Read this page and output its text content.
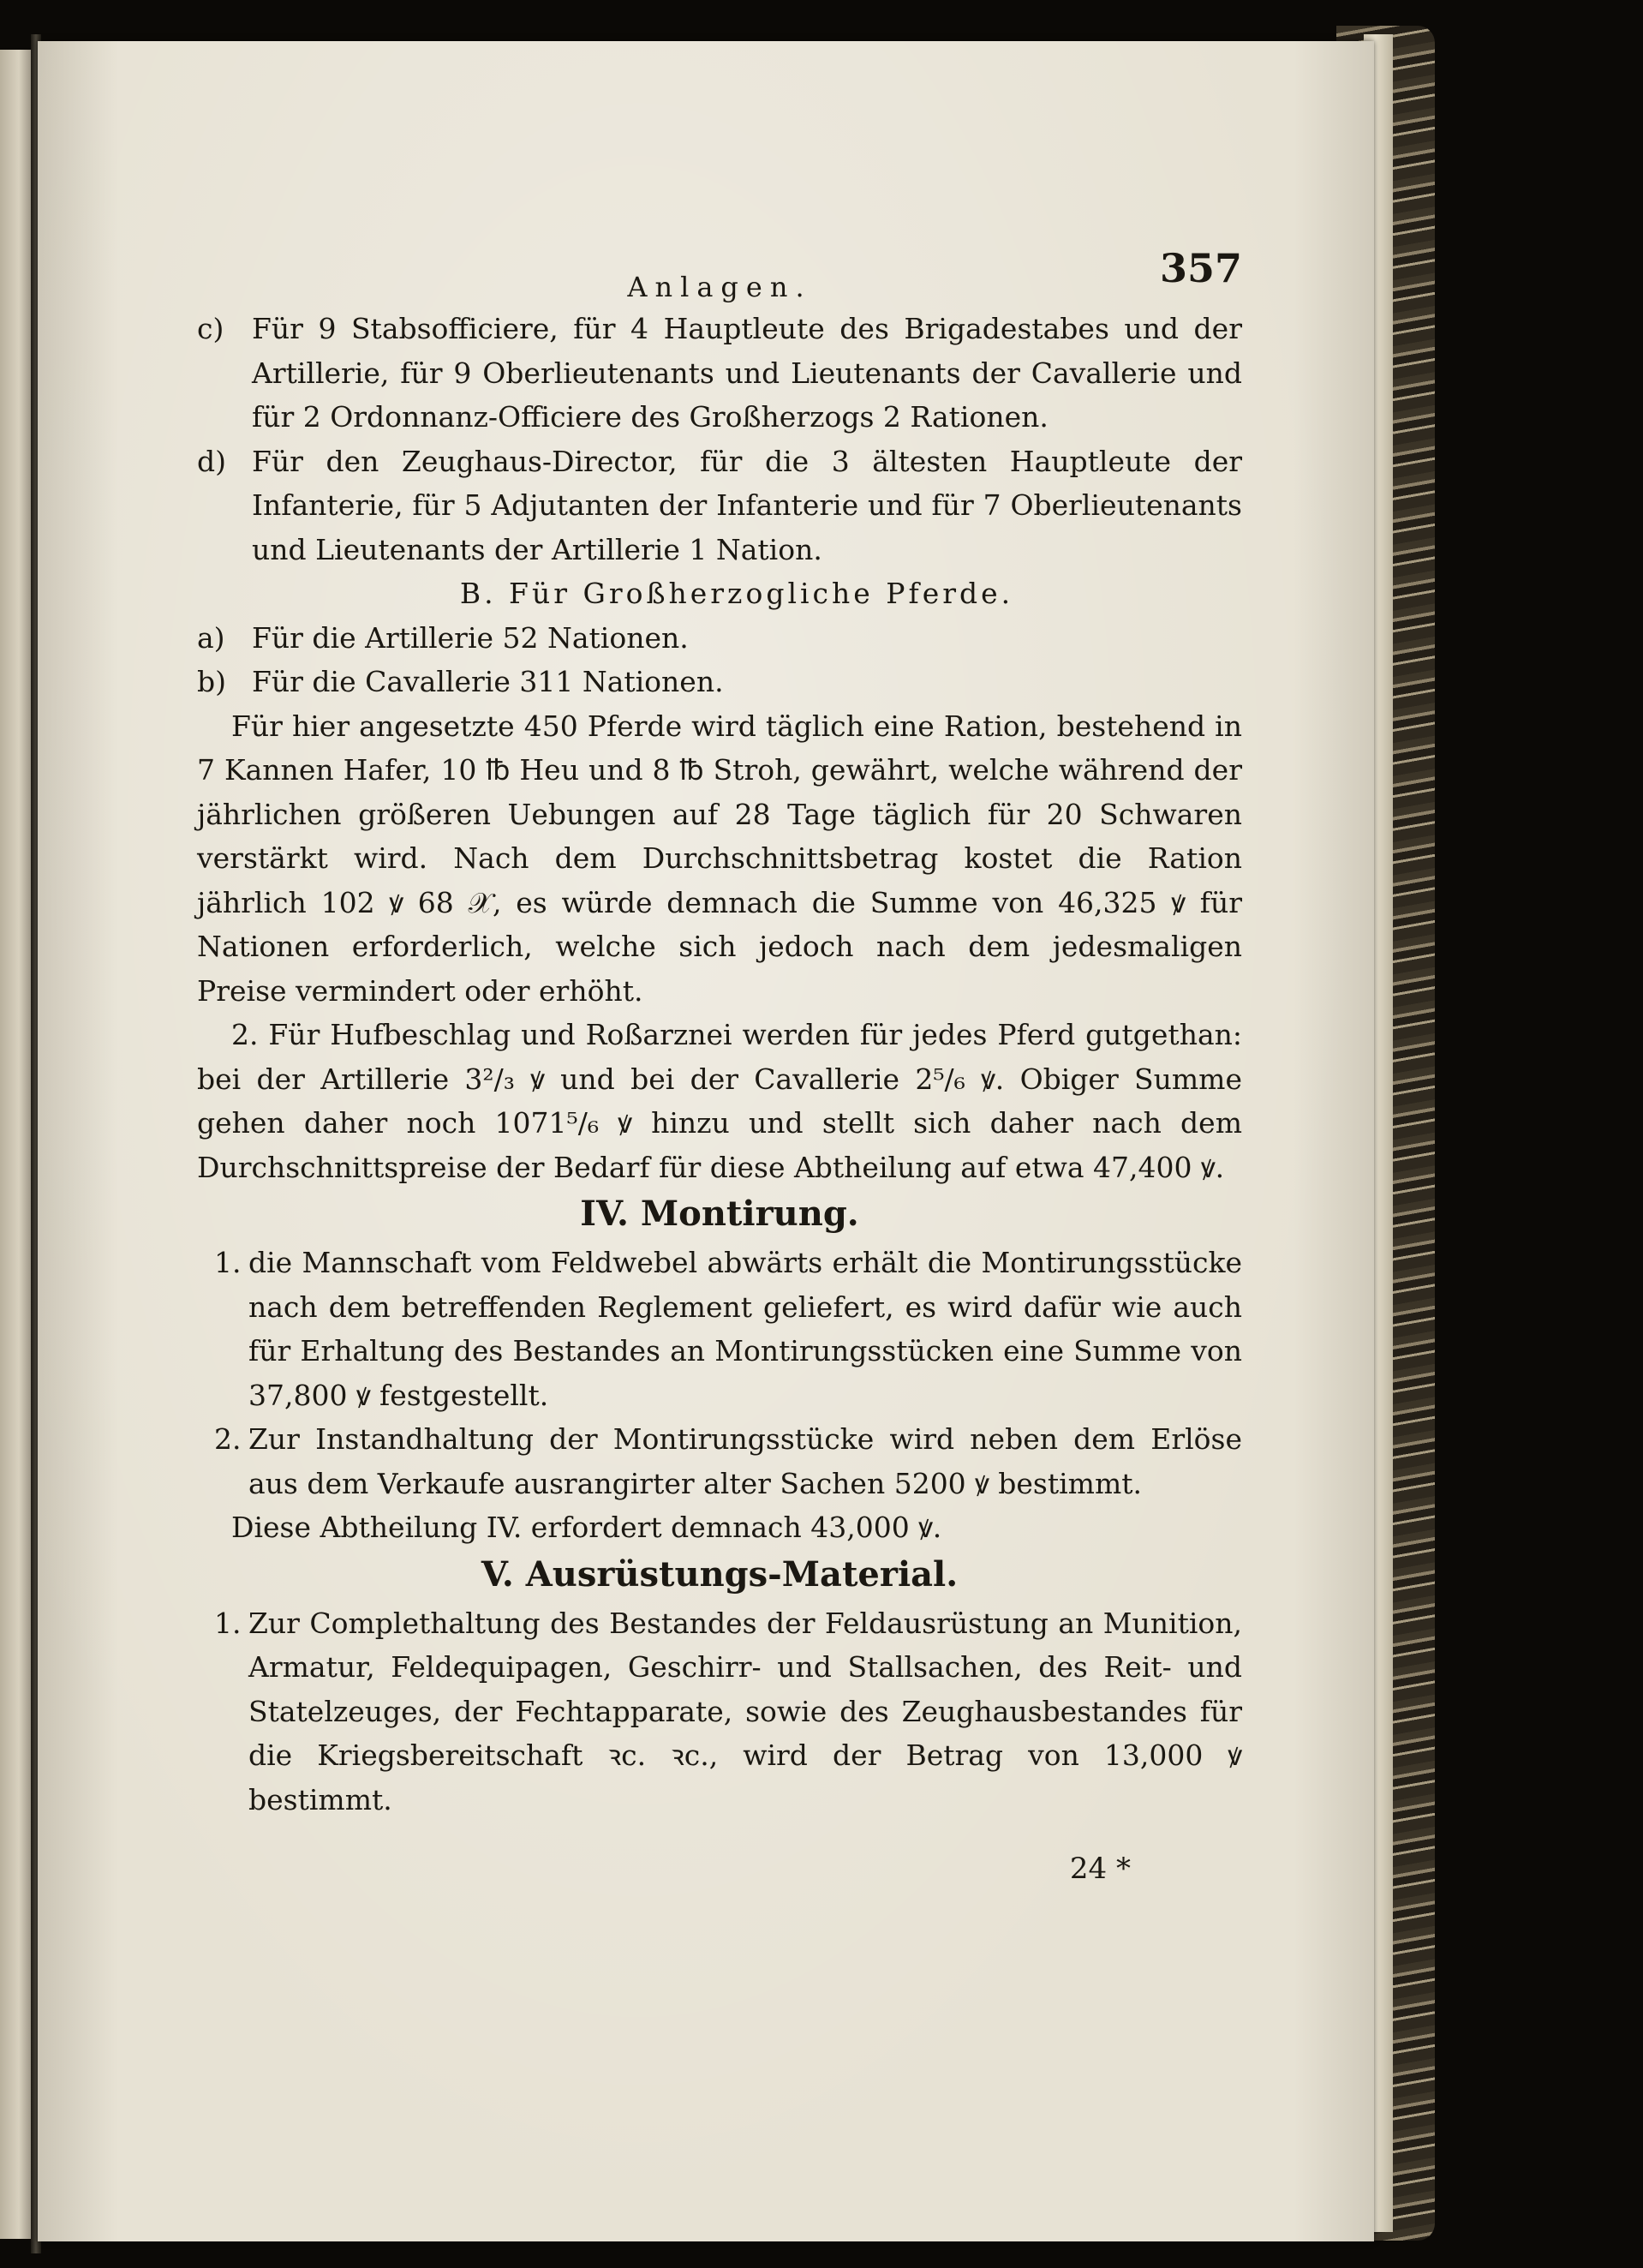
Anlagen.	357
c) Für 9 Stabsofficiere, für 4 Hauptleute des Brigadestabes und der Artillerie, für 9 Oberlieutenants und Lieutenants der Cavallerie und für 2 Ordonnanz-Officiere des Großherzogs 2 Rationen.
d) Für den Zeughaus-Director, für die 3 ältesten Hauptleute der Infanterie, für 5 Adjutanten der Infanterie und für 7 Oberlieutenants und Lieutenants der Artillerie 1 Nation.
B. Für Großherzogliche Pferde.
a) Für die Artillerie 52 Nationen.
b) Für die Cavallerie 311 Nationen.
Für hier angesetzte 450 Pferde wird täglich eine Ration, bestehend in 7 Kannen Hafer, 10 ℔ Heu und 8 ℔ Stroh, gewährt, welche während der jährlichen größeren Uebungen auf 28 Tage täglich für 20 Schwaren verstärkt wird. Nach dem Durchschnittsbetrag kostet die Ration jährlich 102 ꝟ 68 𝒳, es würde demnach die Summe von 46,325 ꝟ für Nationen erforderlich, welche sich jedoch nach dem jedesmaligen Preise vermindert oder erhöht.
2. Für Hufbeschlag und Roßarznei werden für jedes Pferd gutgethan: bei der Artillerie 3²/₃ ꝟ und bei der Cavallerie 2⁵/₆ ꝟ. Obiger Summe gehen daher noch 1071⁵/₆ ꝟ hinzu und stellt sich daher nach dem Durchschnittspreise der Bedarf für diese Abtheilung auf etwa 47,400 ꝟ.
IV. Montirung.
1. die Mannschaft vom Feldwebel abwärts erhält die Montirungsstücke nach dem betreffenden Reglement geliefert, es wird dafür wie auch für Erhaltung des Bestandes an Montirungsstücken eine Summe von 37,800 ꝟ festgestellt.
2. Zur Instandhaltung der Montirungsstücke wird neben dem Erlöse aus dem Verkaufe ausrangirter alter Sachen 5200 ꝟ bestimmt.
Diese Abtheilung IV. erfordert demnach 43,000 ꝟ.
V. Ausrüstungs-Material.
1. Zur Complethaltung des Bestandes der Feldausrüstung an Munition, Armatur, Feldequipagen, Geschirr- und Stallsachen, des Reit- und Statelzeuges, der Fechtapparate, sowie des Zeughausbestandes für die Kriegsbereitschaft ꝛc. ꝛc., wird der Betrag von 13,000 ꝟ bestimmt.
24 *
